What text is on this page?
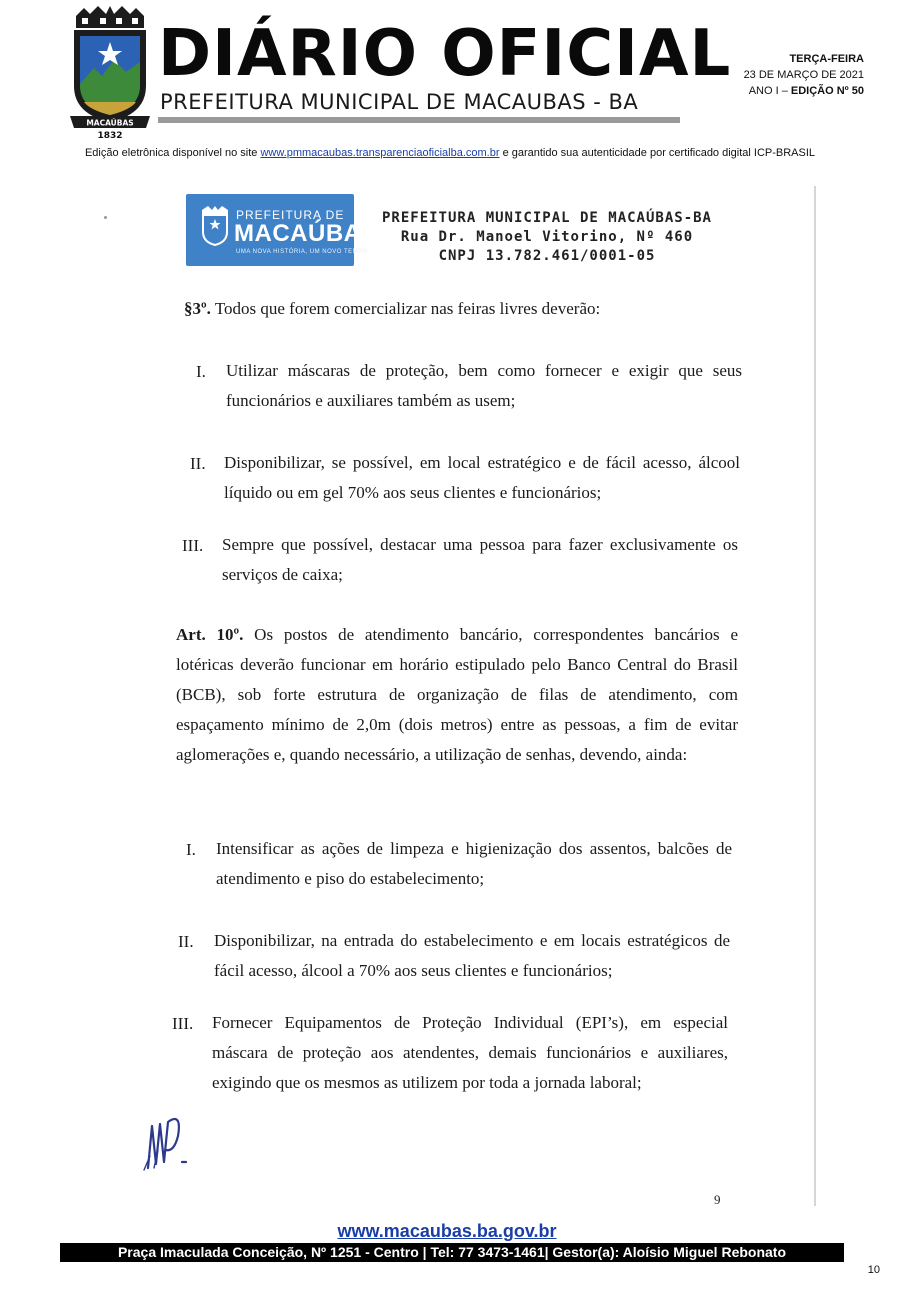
MACAÚBAS
1832
DIÁRIO OFICIAL
PREFEITURA MUNICIPAL DE MACAUBAS - BA
TERÇA-FEIRA
23 DE MARÇO DE 2021
ANO I – EDIÇÃO Nº 50
Edição eletrônica disponível no site www.pmmacaubas.transparenciaoficialba.com.br e garantido sua autenticidade por certificado digital ICP-BRASIL
PREFEITURA DE
MACAÚBAS
UMA NOVA HISTÓRIA, UM NOVO TEMPO
PREFEITURA MUNICIPAL DE MACAÚBAS-BA
Rua Dr. Manoel Vitorino, Nº 460
CNPJ 13.782.461/0001-05
§3º. Todos que forem comercializar nas feiras livres deverão:
I. Utilizar máscaras de proteção, bem como fornecer e exigir que seus funcionários e auxiliares também as usem;
II. Disponibilizar, se possível, em local estratégico e de fácil acesso, álcool líquido ou em gel 70% aos seus clientes e funcionários;
III. Sempre que possível, destacar uma pessoa para fazer exclusivamente os serviços de caixa;
Art. 10º. Os postos de atendimento bancário, correspondentes bancários e lotéricas deverão funcionar em horário estipulado pelo Banco Central do Brasil (BCB), sob forte estrutura de organização de filas de atendimento, com espaçamento mínimo de 2,0m (dois metros) entre as pessoas, a fim de evitar aglomerações e, quando necessário, a utilização de senhas, devendo, ainda:
I. Intensificar as ações de limpeza e higienização dos assentos, balcões de atendimento e piso do estabelecimento;
II. Disponibilizar, na entrada do estabelecimento e em locais estratégicos de fácil acesso, álcool a 70% aos seus clientes e funcionários;
III. Fornecer Equipamentos de Proteção Individual (EPI’s), em especial máscara de proteção aos atendentes, demais funcionários e auxiliares, exigindo que os mesmos as utilizem por toda a jornada laboral;
9
www.macaubas.ba.gov.br
Praça Imaculada Conceição, Nº 1251 - Centro | Tel: 77 3473-1461| Gestor(a): Aloísio Miguel Rebonato
10
